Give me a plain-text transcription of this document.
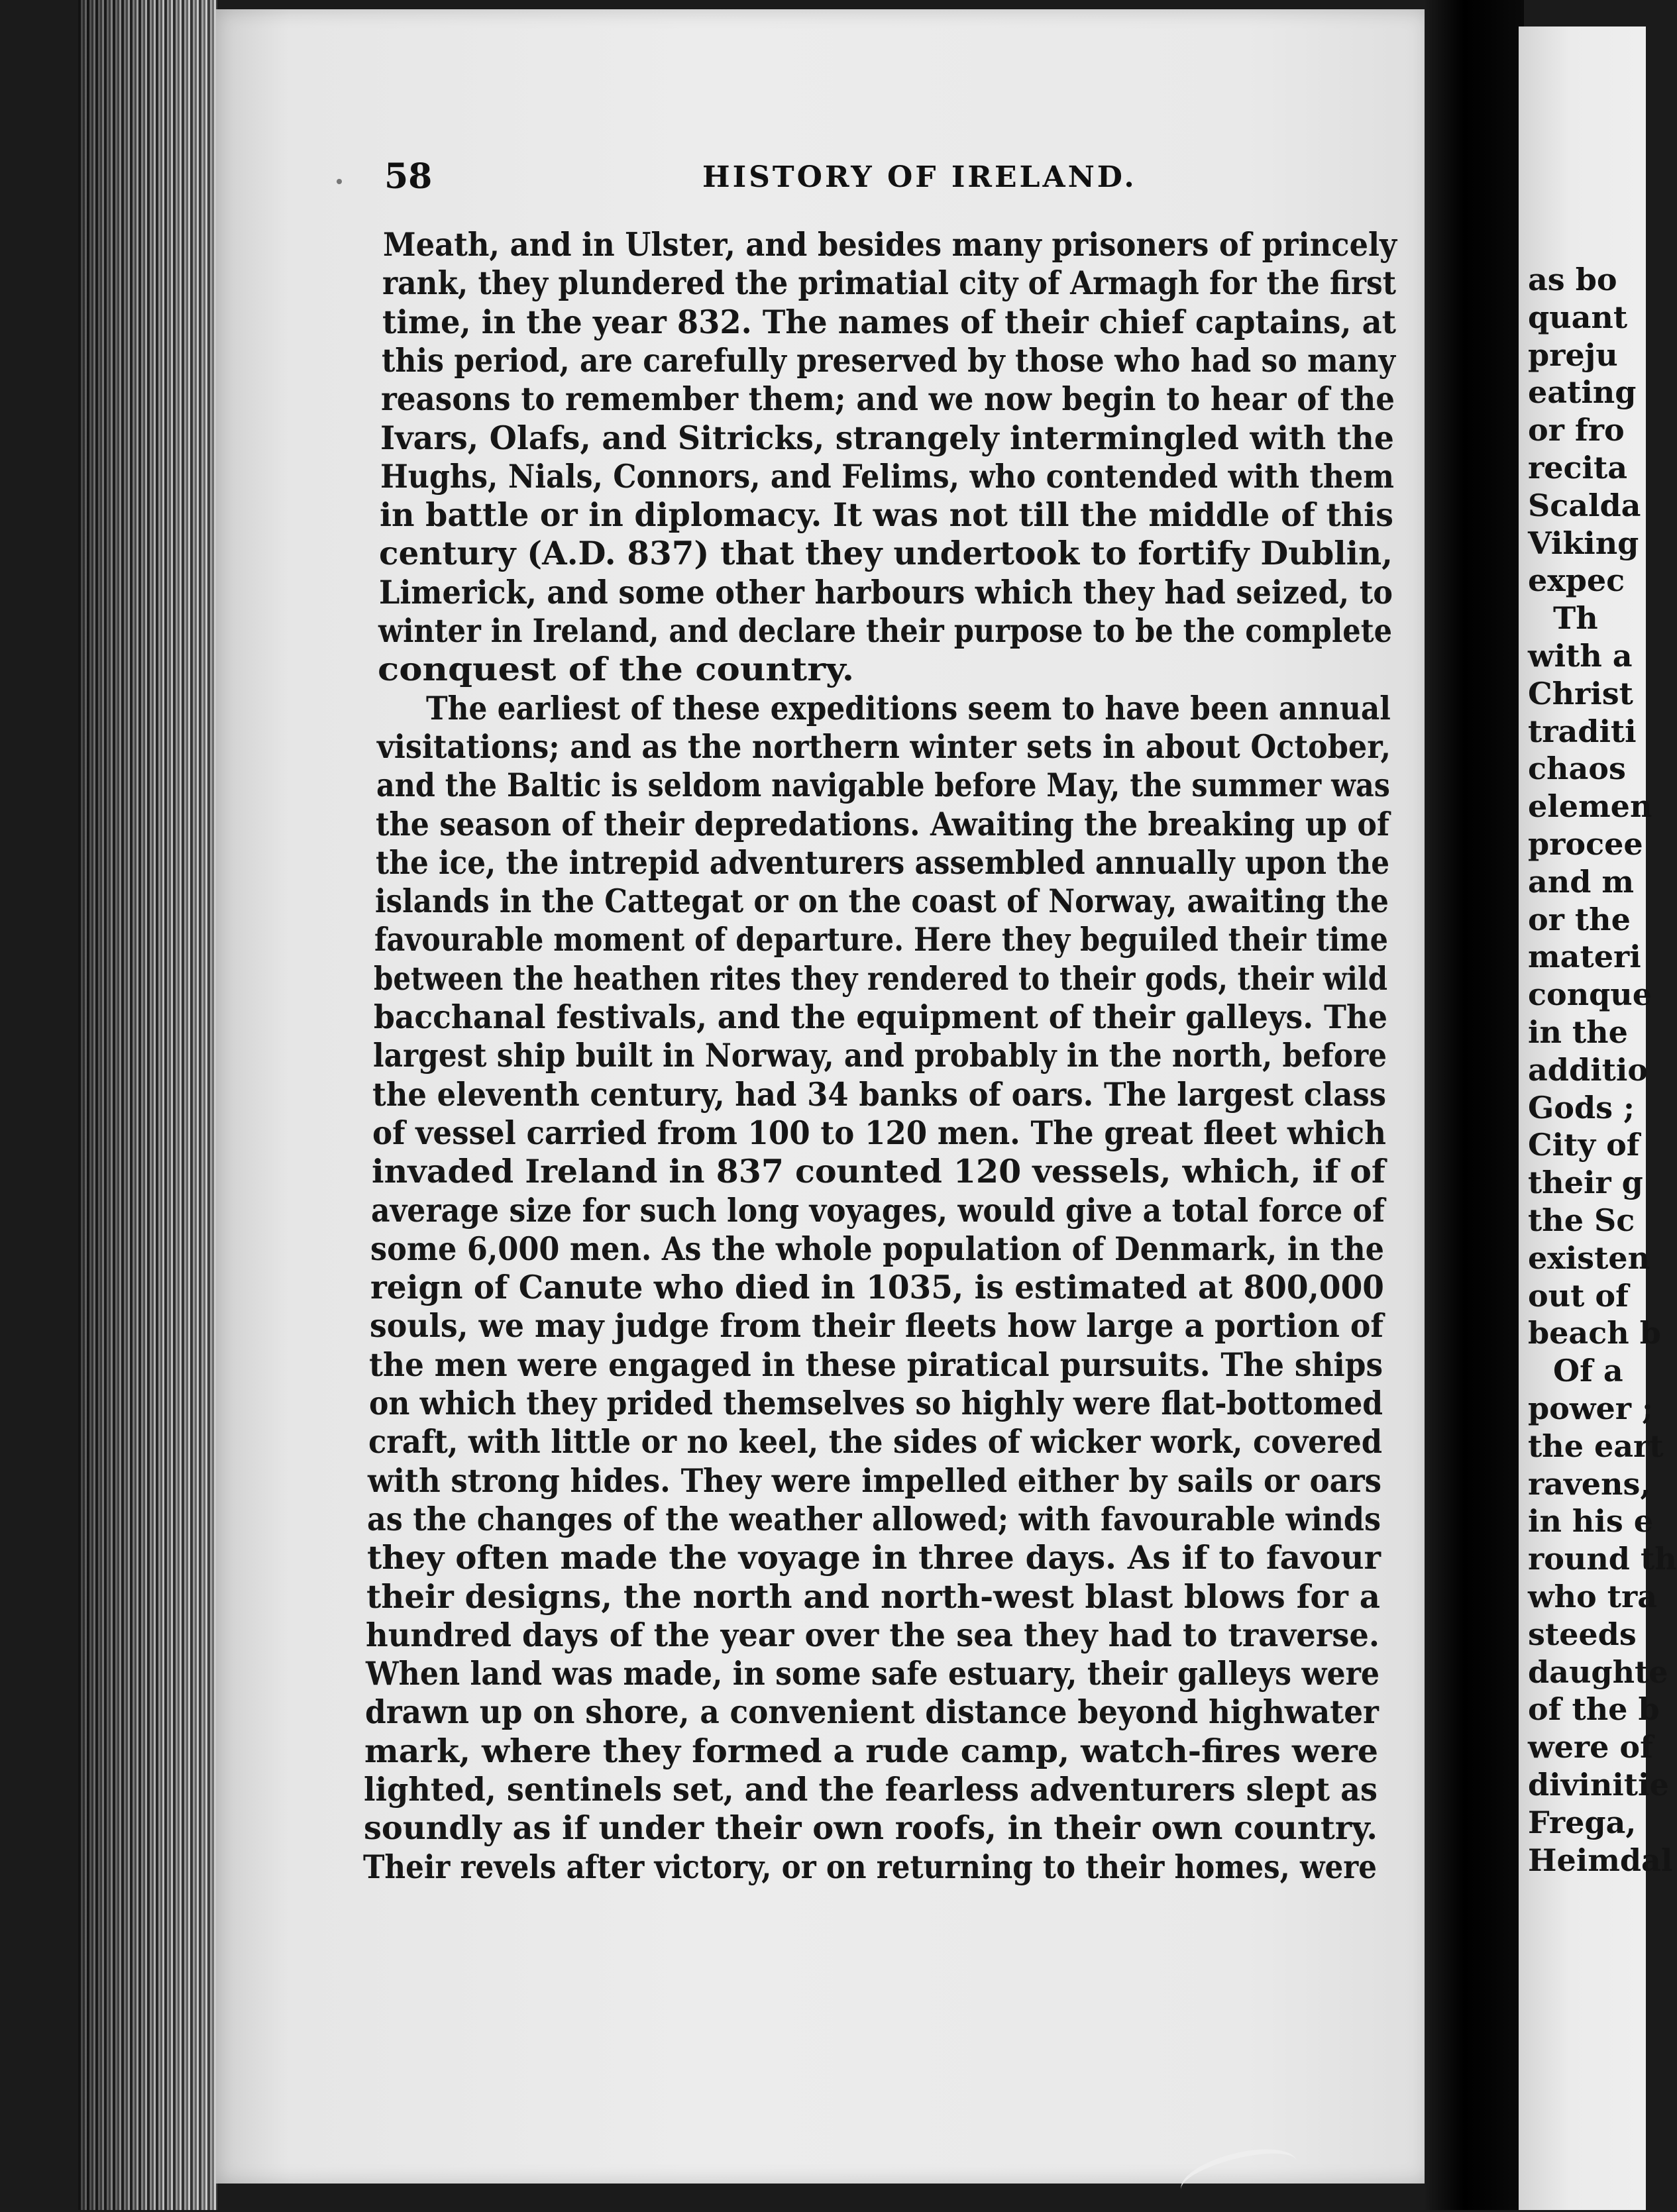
as bo
quant
preju
eating
or fro
recita
Scalda
Viking
expec
Th
with a
Christ
traditi
chaos
elemen
procee
and m
or the
materi
conque
in the
additio
Gods ;
City of
their g
the Sc
existen
out of
beach b
Of a
power ;
the eart
ravens,
in his e
round th
who tra
steeds
daughte
of the b
were of
divinitie
Frega,
Heimdal
58	HISTORY OF IRELAND.
Meath, and in Ulster, and besides many prisoners of princely
rank, they plundered the primatial city of Armagh for the first
time, in the year 832. The names of their chief captains, at
this period, are carefully preserved by those who had so many
reasons to remember them; and we now begin to hear of the
Ivars, Olafs, and Sitricks, strangely intermingled with the
Hughs, Nials, Connors, and Felims, who contended with them
in battle or in diplomacy. It was not till the middle of this
century (A.D. 837) that they undertook to fortify Dublin,
Limerick, and some other harbours which they had seized, to
winter in Ireland, and declare their purpose to be the complete
conquest of the country.
The earliest of these expeditions seem to have been annual
visitations; and as the northern winter sets in about October,
and the Baltic is seldom navigable before May, the summer was
the season of their depredations. Awaiting the breaking up of
the ice, the intrepid adventurers assembled annually upon the
islands in the Cattegat or on the coast of Norway, awaiting the
favourable moment of departure. Here they beguiled their time
between the heathen rites they rendered to their gods, their wild
bacchanal festivals, and the equipment of their galleys. The
largest ship built in Norway, and probably in the north, before
the eleventh century, had 34 banks of oars. The largest class
of vessel carried from 100 to 120 men. The great fleet which
invaded Ireland in 837 counted 120 vessels, which, if of
average size for such long voyages, would give a total force of
some 6,000 men. As the whole population of Denmark, in the
reign of Canute who died in 1035, is estimated at 800,000
souls, we may judge from their fleets how large a portion of
the men were engaged in these piratical pursuits. The ships
on which they prided themselves so highly were flat-bottomed
craft, with little or no keel, the sides of wicker work, covered
with strong hides. They were impelled either by sails or oars
as the changes of the weather allowed; with favourable winds
they often made the voyage in three days. As if to favour
their designs, the north and north-west blast blows for a
hundred days of the year over the sea they had to traverse.
When land was made, in some safe estuary, their galleys were
drawn up on shore, a convenient distance beyond highwater
mark, where they formed a rude camp, watch-fires were
lighted, sentinels set, and the fearless adventurers slept as
soundly as if under their own roofs, in their own country.
Their revels after victory, or on returning to their homes, were
